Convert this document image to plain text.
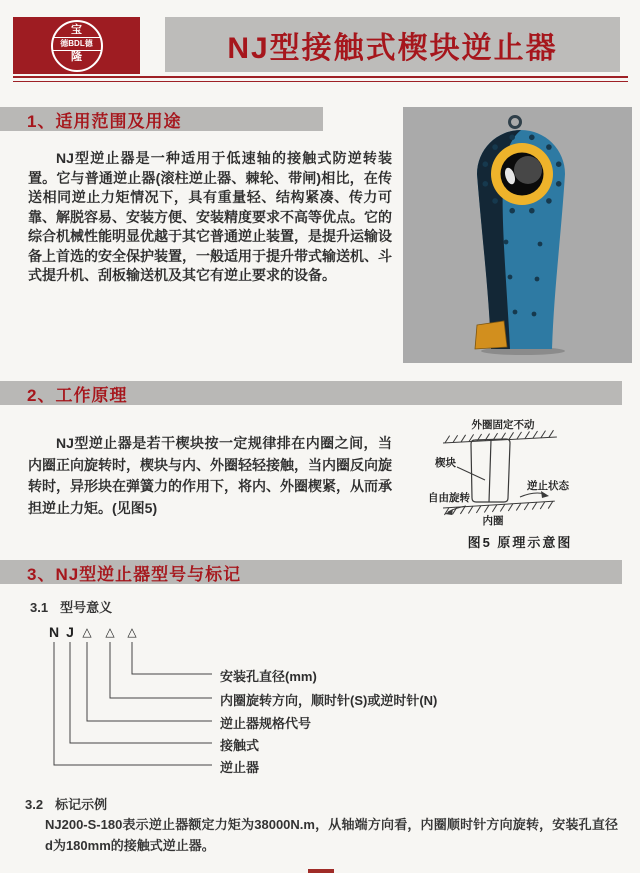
宝
德BDL德
隆	NJ型接触式楔块逆止器
1、适用范围及用途
NJ型逆止器是一种适用于低速轴的接触式防逆转装置。它与普通逆止器(滚柱逆止器、棘轮、带闸)相比，在传送相同逆止力矩情况下，具有重量轻、结构紧凑、传力可靠、解脱容易、安装方便、安装精度要求不高等优点。它的综合机械性能明显优越于其它普通逆止装置，是提升运输设备上首选的安全保护装置，一般适用于提升带式输送机、斗式提升机、刮板输送机及其它有逆止要求的设备。
2、工作原理
NJ型逆止器是若干楔块按一定规律排在内圈之间，当内圈正向旋转时，楔块与内、外圈轻轻接触，当内圈反向旋转时，异形块在弹簧力的作用下，将内、外圈楔紧，从而承担逆止力矩。(见图5)
外圈固定不动
楔块
自由旋转
逆止状态
内圈
图5 原理示意图
3、NJ型逆止器型号与标记
3.1 型号意义
N J △ △ △
安装孔直径(mm)
内圈旋转方向，顺时针(S)或逆时针(N)
逆止器规格代号
接触式
逆止器
3.2 标记示例
NJ200-S-180表示逆止器额定力矩为38000N.m，从轴端方向看，内圈顺时针方向旋转，安装孔直径d为180mm的接触式逆止器。
